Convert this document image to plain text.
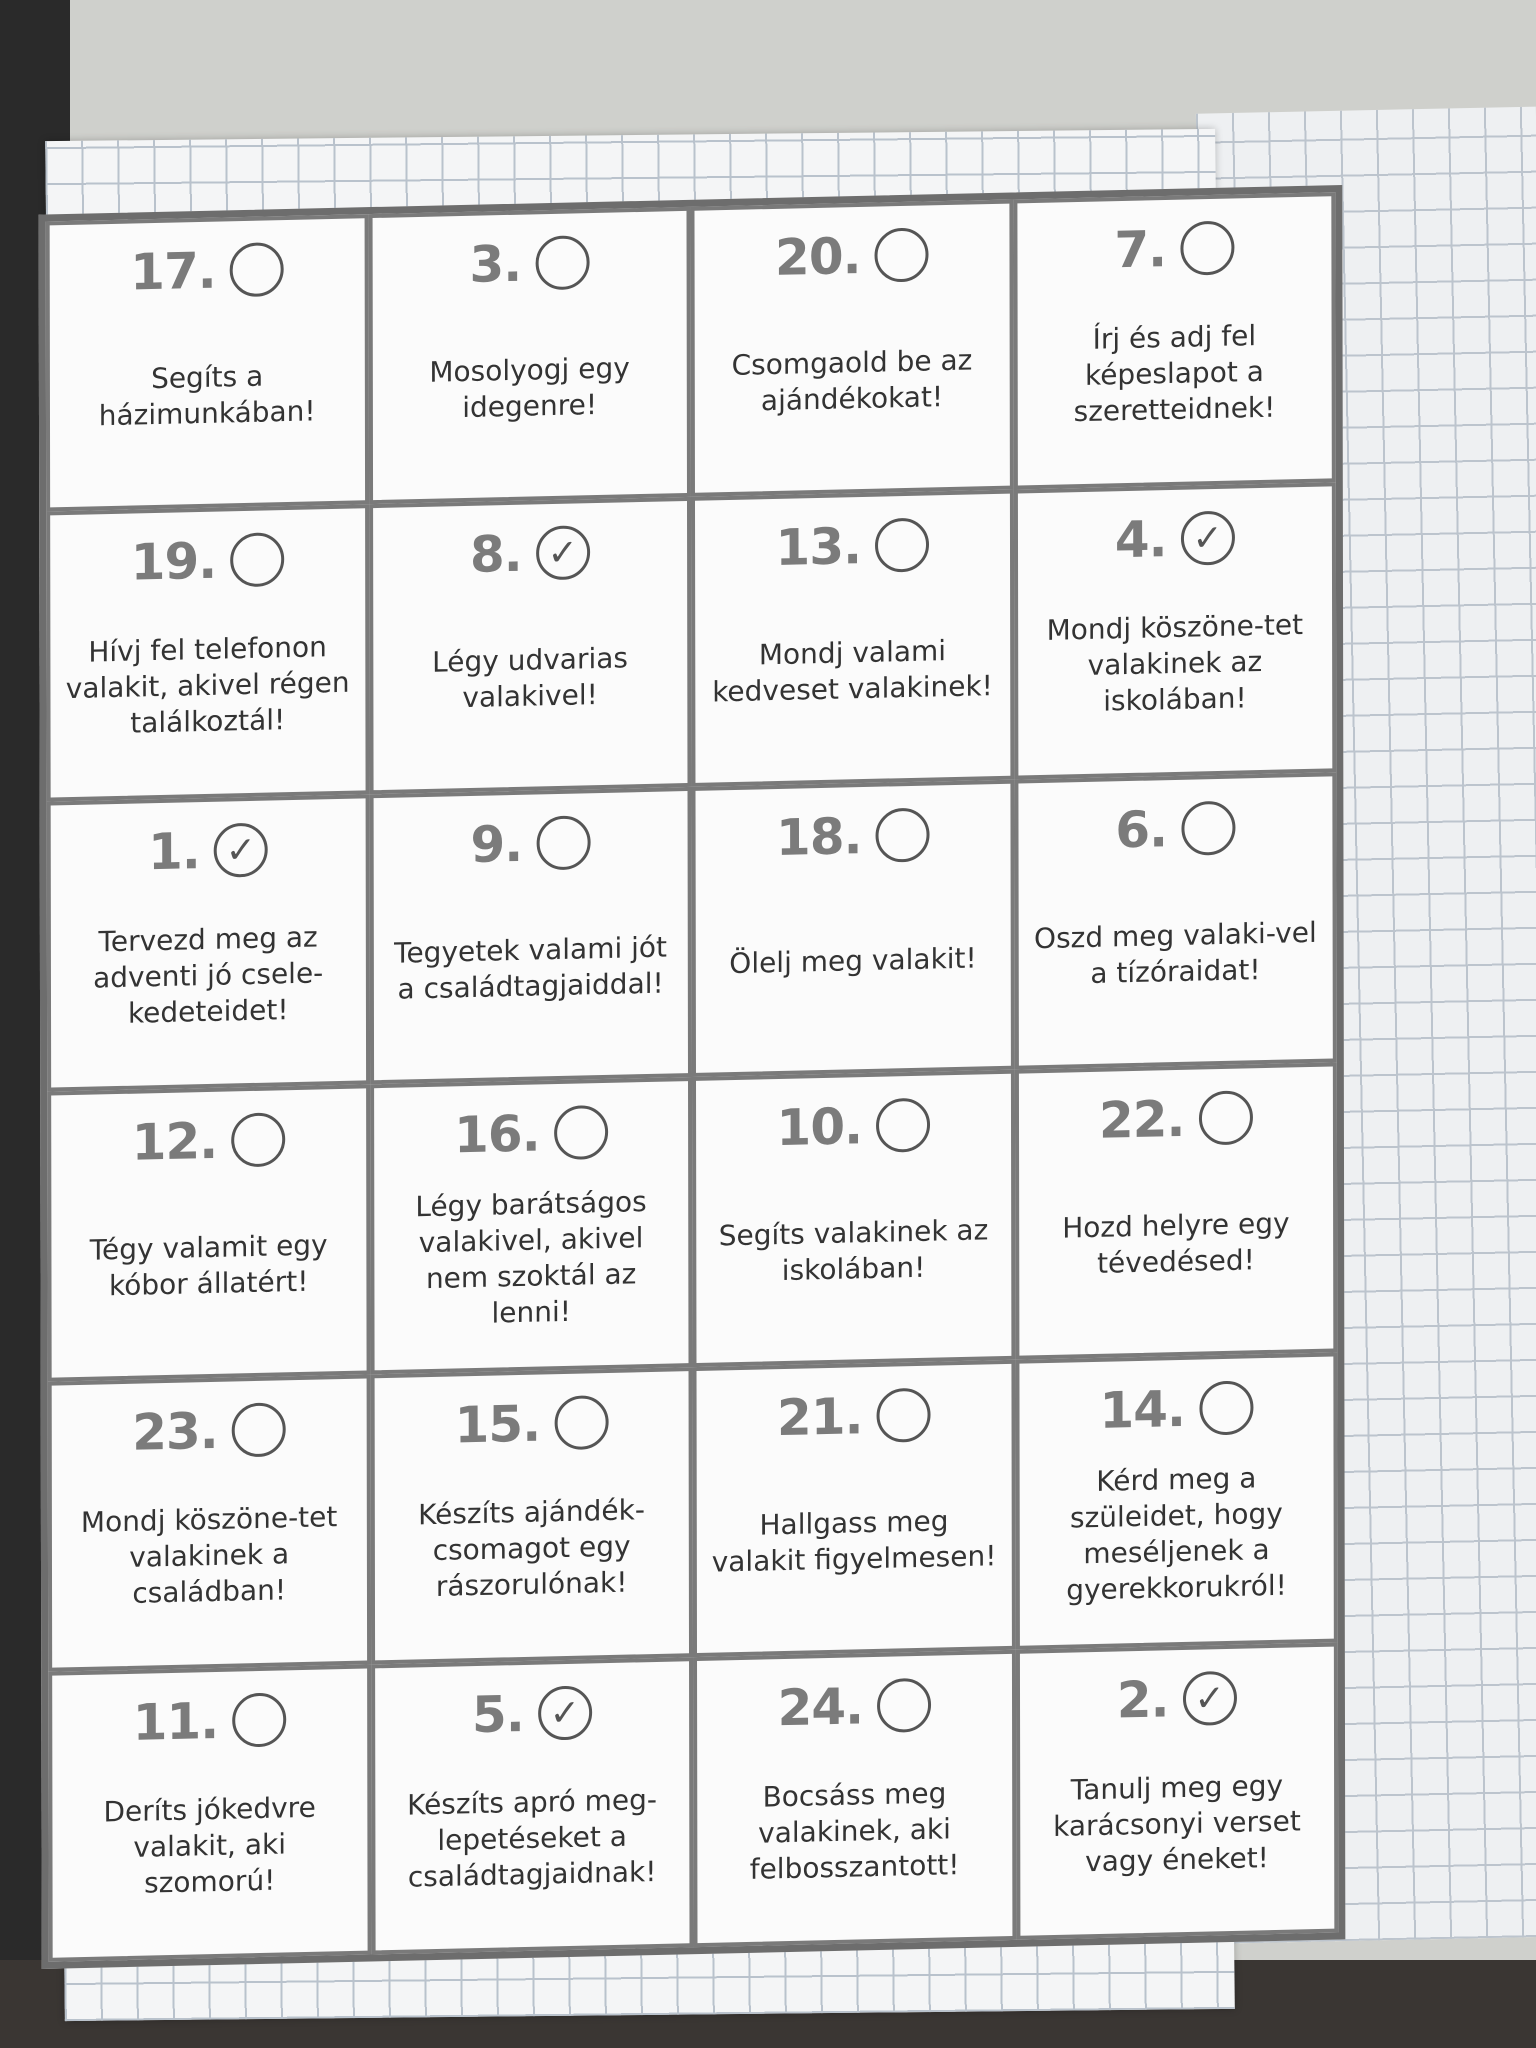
17.
Segíts a házimunkában!
3.
Mosolyogj egy idegenre!
20.
Csomgaold be az ajándékokat!
7.
Írj és adj fel képeslapot a szeretteidnek!
19.
Hívj fel telefonon valakit, akivel régen találkoztál!
8. ✓
Légy udvarias valakivel!
13.
Mondj valami kedveset valakinek!
4. ✓
Mondj köszöne-tet valakinek az iskolában!
1. ✓
Tervezd meg az adventi jó csele-kedeteidet!
9.
Tegyetek valami jót a családtagjaiddal!
18.
Ölelj meg valakit!
6.
Oszd meg valaki-vel a tízóraidat!
12.
Tégy valamit egy kóbor állatért!
16.
Légy barátságos valakivel, akivel nem szoktál az lenni!
10.
Segíts valakinek az iskolában!
22.
Hozd helyre egy tévedésed!
23.
Mondj köszöne-tet valakinek a családban!
15.
Készíts ajándék-csomagot egy rászorulónak!
21.
Hallgass meg valakit figyelmesen!
14.
Kérd meg a szüleidet, hogy meséljenek a gyerekkorukról!
11.
Deríts jókedvre valakit, aki szomorú!
5. ✓
Készíts apró meg-lepetéseket a családtagjaidnak!
24.
Bocsáss meg valakinek, aki felbosszantott!
2. ✓
Tanulj meg egy karácsonyi verset vagy éneket!
